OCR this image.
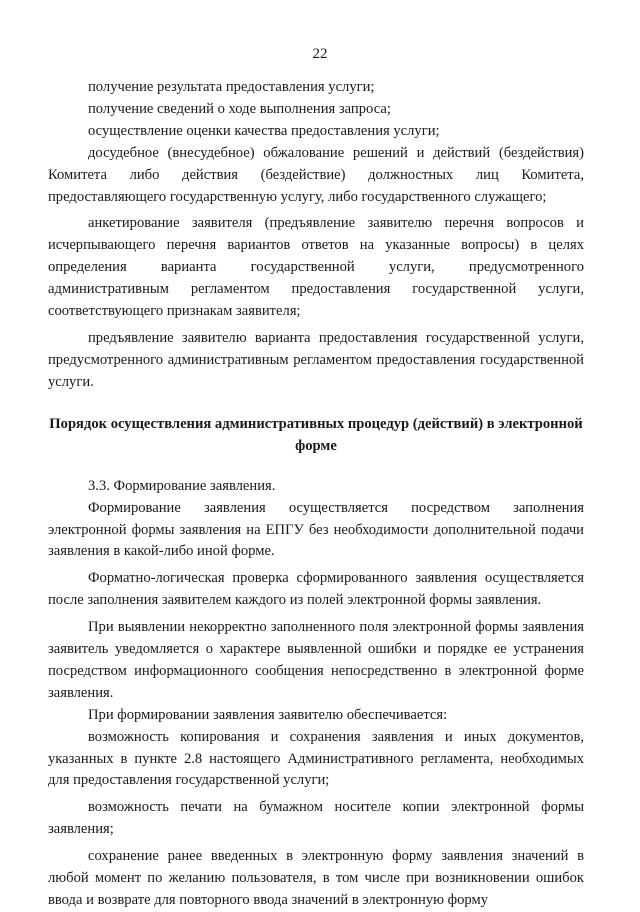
22

получение результата предоставления услуги;

получение сведений о ходе выполнения запроса;

осуществление оценки качества предоставления услуги;

досудебное (внесудебное) обжалование решений и действий (бездействия) Комитета либо действия (бездействие) должностных лиц Комитета, предоставляющего государственную услугу, либо государственного служащего;

анкетирование заявителя (предъявление заявителю перечня вопросов и исчерпывающего перечня вариантов ответов на указанные вопросы) в целях определения варианта государственной услуги, предусмотренного административным регламентом предоставления государственной услуги, соответствующего признакам заявителя;

предъявление заявителю варианта предоставления государственной услуги, предусмотренного административным регламентом предоставления государственной услуги.

Порядок осуществления административных процедур (действий) в электронной форме

3.3. Формирование заявления.

Формирование заявления осуществляется посредством заполнения электронной формы заявления на ЕПГУ без необходимости дополнительной подачи заявления в какой-либо иной форме.

Форматно-логическая проверка сформированного заявления осуществляется после заполнения заявителем каждого из полей электронной формы заявления.

При выявлении некорректно заполненного поля электронной формы заявления заявитель уведомляется о характере выявленной ошибки и порядке ее устранения посредством информационного сообщения непосредственно в электронной форме заявления.

При формировании заявления заявителю обеспечивается:

возможность копирования и сохранения заявления и иных документов, указанных в пункте 2.8 настоящего Административного регламента, необходимых для предоставления государственной услуги;

возможность печати на бумажном носителе копии электронной формы заявления;

сохранение ранее введенных в электронную форму заявления значений в любой момент по желанию пользователя, в том числе при возникновении ошибок ввода и возврате для повторного ввода значений в электронную форму
